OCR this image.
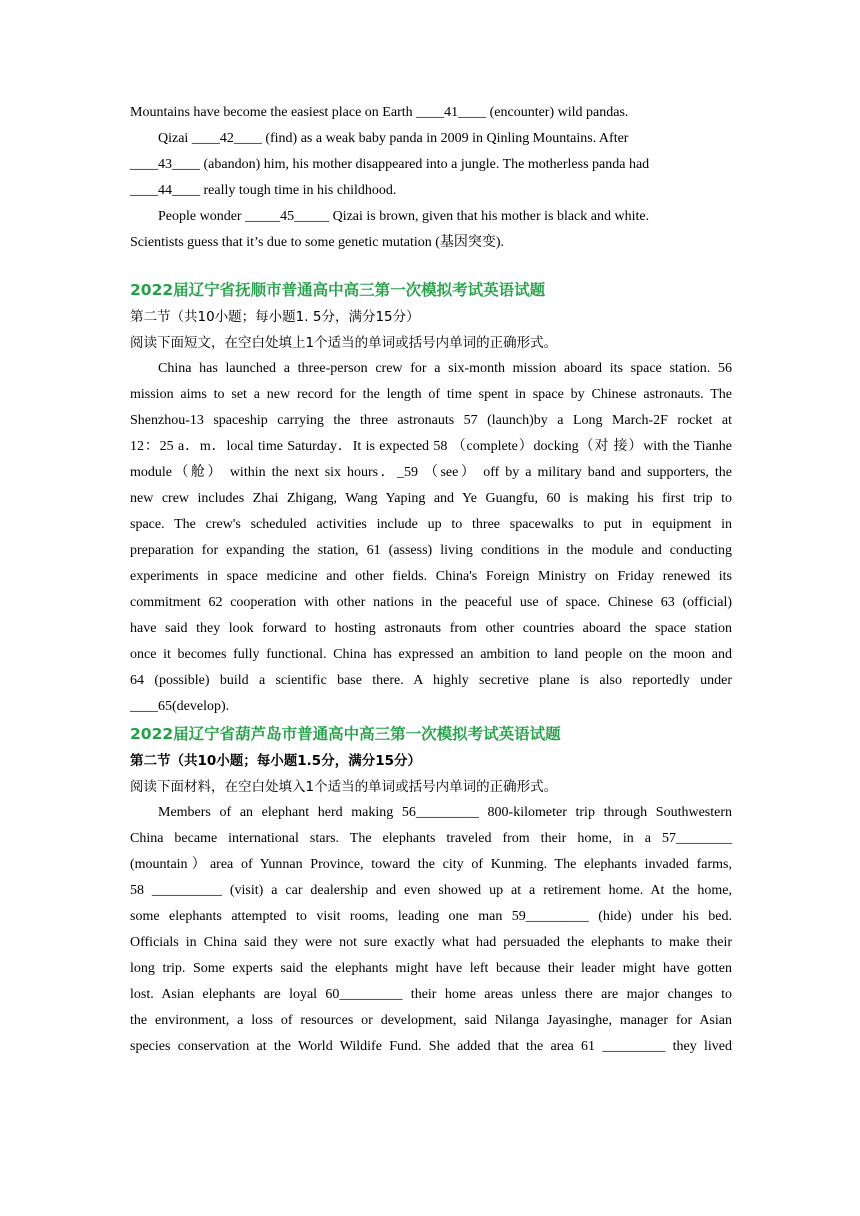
Mountains have become the easiest place on Earth ____41____ (encounter) wild pandas.
Qizai ____42____ (find) as a weak baby panda in 2009 in Qinling Mountains. After
____43____ (abandon) him, his mother disappeared into a jungle. The motherless panda had
____44____ really tough time in his childhood.
People wonder _____45_____ Qizai is brown, given that his mother is black and white.
Scientists guess that it’s due to some genetic mutation (基因突变).
2022届辽宁省抚顺市普通高中高三第一次模拟考试英语试题
第二节（共10小题；每小题1. 5分，满分15分）
阅读下面短文，在空白处填上1个适当的单词或括号内单词的正确形式。
China has launched a three-person crew for a six-month mission aboard its space station. 56
mission aims to set a new record for the length of time spent in space by Chinese astronauts. The
Shenzhou-13 spaceship carrying the three astronauts 57 (launch)by a Long March-2F rocket at
12：25 a．m．local time Saturday．It is expected 58 （complete）docking（对 接）with the Tianhe
module（舱） within the next six hours．_59 （see） off by a military band and supporters, the
new crew includes Zhai Zhigang, Wang Yaping and Ye Guangfu, 60 is making his first trip to
space. The crew's scheduled activities include up to three spacewalks to put in equipment in
preparation for expanding the station, 61 (assess) living conditions in the module and conducting
experiments in space medicine and other fields. China's Foreign Ministry on Friday renewed its
commitment 62 cooperation with other nations in the peaceful use of space. Chinese 63 (official)
have said they look forward to hosting astronauts from other countries aboard the space station
once it becomes fully functional. China has expressed an ambition to land people on the moon and
64 (possible) build a scientific base there. A highly secretive plane is also reportedly under
____65(develop).
2022届辽宁省葫芦岛市普通高中高三第一次模拟考试英语试题
第二节（共10小题；每小题1.5分，满分15分）
阅读下面材料，在空白处填入1个适当的单词或括号内单词的正确形式。
Members of an elephant herd making 56_________ 800-kilometer trip through Southwestern
China became international stars. The elephants traveled from their home, in a 57________
(mountain）area of Yunnan Province, toward the city of Kunming. The elephants invaded farms,
58 __________ (visit) a car dealership and even showed up at a retirement home. At the home,
some elephants attempted to visit rooms, leading one man 59_________ (hide) under his bed.
Officials in China said they were not sure exactly what had persuaded the elephants to make their
long trip. Some experts said the elephants might have left because their leader might have gotten
lost. Asian elephants are loyal 60_________ their home areas unless there are major changes to
the environment, a loss of resources or development, said Nilanga Jayasinghe, manager for Asian
species conservation at the World Wildife Fund. She added that the area 61 _________ they lived
